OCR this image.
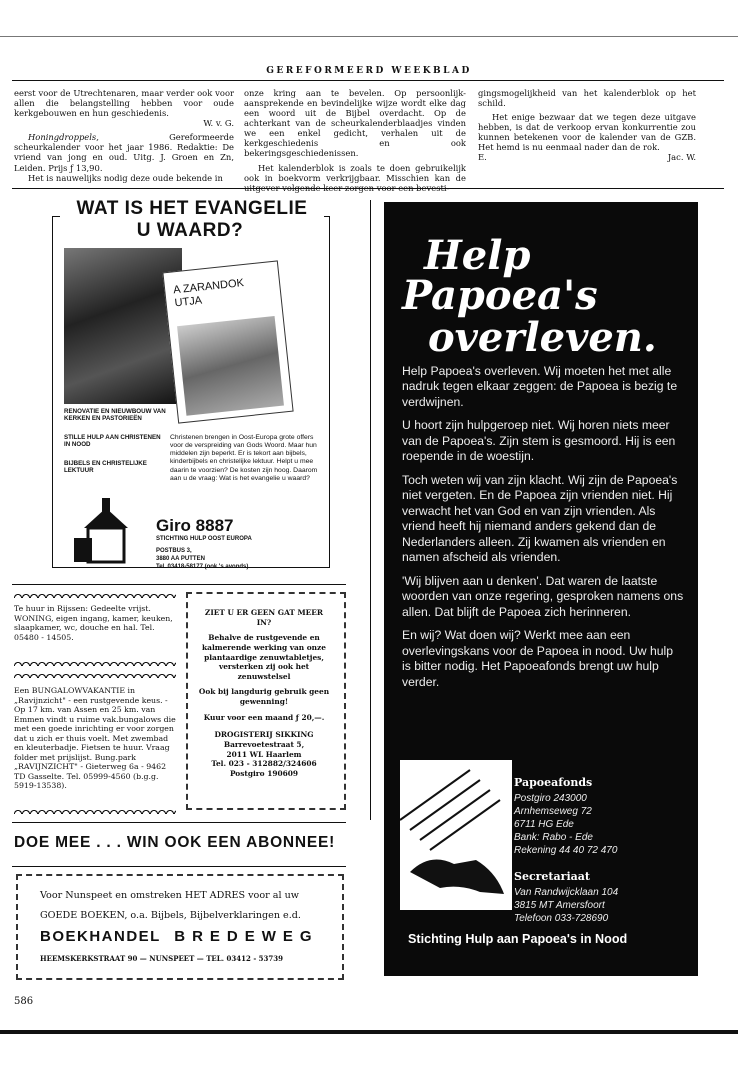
GEREFORMEERD WEEKBLAD

eerst voor de Utrechtenaren, maar verder ook voor allen die belangstelling hebben voor oude kerkgebouwen en hun geschiedenis.
W. v. G.

Honingdroppels,	Gereformeerde scheurkalender voor het jaar 1986. Redaktie: De vriend van jong en oud. Uitg. J. Groen en Zn, Leiden. Prijs ƒ 13,90.

Het is nauwelijks nodig deze oude bekende in

onze kring aan te bevelen. Op persoonlijk-aansprekende en bevindelijke wijze wordt elke dag een woord uit de Bijbel overdacht. Op de achterkant van de scheurkalenderblaadjes vinden we een enkel gedicht, verhalen uit de kerkgeschiedenis en ook bekeringsgeschiedenissen.

Het kalenderblok is zoals te doen gebruikelijk ook in boekvorm verkrijgbaar. Misschien kan de

gingsmogelijkheid van het kalenderblok op het schild.

Het enige bezwaar dat we tegen deze uitgave hebben, is dat de verkoop ervan konkurrentie zou kunnen betekenen voor de kalender van de GZB. Het hemd is nu eenmaal nader dan de rok.
E.	Jac. W.

WAT IS HET EVANGELIE
U WAARD?
A ZARANDOK UTJA
RENOVATIE EN NIEUWBOUW VAN KERKEN EN PASTORIEËN
STILLE HULP AAN CHRISTENEN IN NOOD
BIJBELS EN CHRISTELIJKE LEKTUUR
Christenen brengen in Oost-Europa grote offers voor de verspreiding van Gods Woord. Maar hun middelen zijn beperkt. Er is tekort aan bijbels, kinderbijbels en christelijke lektuur. Helpt u mee daarin te voorzien? De kosten zijn hoog. Daarom aan u de vraag: Wat is het evangelie u waard?
Giro 8887
STICHTING HULP OOST EUROPA
POSTBUS 3,
3880 AA PUTTEN
Tel. 03418-58177 (ook 's avonds)
Te huur in Rijssen: Gedeelte vrijst. WONING, eigen ingang, kamer, keuken, slaapkamer, wc, douche en hal. Tel. 05480 - 14505.
Een BUNGALOWVAKANTIE in „Ravijnzicht" - een rustgevende keus. - Op 17 km. van Assen en 25 km. van Emmen vindt u ruime vak.bungalows die met een goede inrichting er voor zorgen dat u zich er thuis voelt. Met zwembad en kleuterbadje. Fietsen te huur. Vraag folder met prijslijst. Bung.park „RAVIJNZICHT" - Gieterweg 6a - 9462 TD Gasselte. Tel. 05999-4560 (b.g.g. 5919-13538).
ZIET U ER GEEN GAT MEER IN?
Behalve de rustgevende en kalmerende werking van onze plantaardige zenuwtabletjes, versterken zij ook het zenuwstelsel
Ook bij langdurig gebruik geen gewenning!
Kuur voor een maand ƒ 20,—.
DROGISTERIJ SIKKING
Barrevoetestraat 5,
2011 WL Haarlem
Tel. 023 - 312882/324606
Postgiro 190609
DOE MEE . . . WIN OOK EEN ABONNEE!
Voor Nunspeet en omstreken HET ADRES voor al uw
GOEDE BOEKEN, o.a. Bijbels, Bijbelverklaringen e.d.
BOEKHANDEL BREDEWEG
HEEMSKERKSTRAAT 90 — NUNSPEET — TEL. 03412 - 53739
586
Help
Papoea's
overleven.

Help Papoea's overleven. Wij moeten het met alle nadruk tegen elkaar zeggen: de Papoea is bezig te verdwijnen.

U hoort zijn hulpgeroep niet. Wij horen niets meer van de Papoea's. Zijn stem is gesmoord. Hij is een roepende in de woestijn.

Toch weten wij van zijn klacht. Wij zijn de Papoea's niet vergeten. En de Papoea zijn vrienden niet. Hij verwacht het van God en van zijn vrienden. Als vriend heeft hij niemand anders gekend dan de Nederlanders alleen. Zij kwamen als vrienden en namen afscheid als vrienden.

'Wij blijven aan u denken'. Dat waren de laatste woorden van onze regering, gesproken namens ons allen. Dat blijft de Papoea zich herinneren.

En wij? Wat doen wij? Werkt mee aan een overlevingskans voor de Papoea in nood. Uw hulp is bitter nodig. Het Papoeafonds brengt uw hulp verder.

Papoeafonds
Postgiro 243000
Arnhemseweg 72
6711 HG Ede
Bank: Rabo - Ede
Rekening 44 40 72 470
Secretariaat
Van Randwijcklaan 104
3815 MT Amersfoort
Telefoon 033-728690
Stichting Hulp aan Papoea's in Nood
